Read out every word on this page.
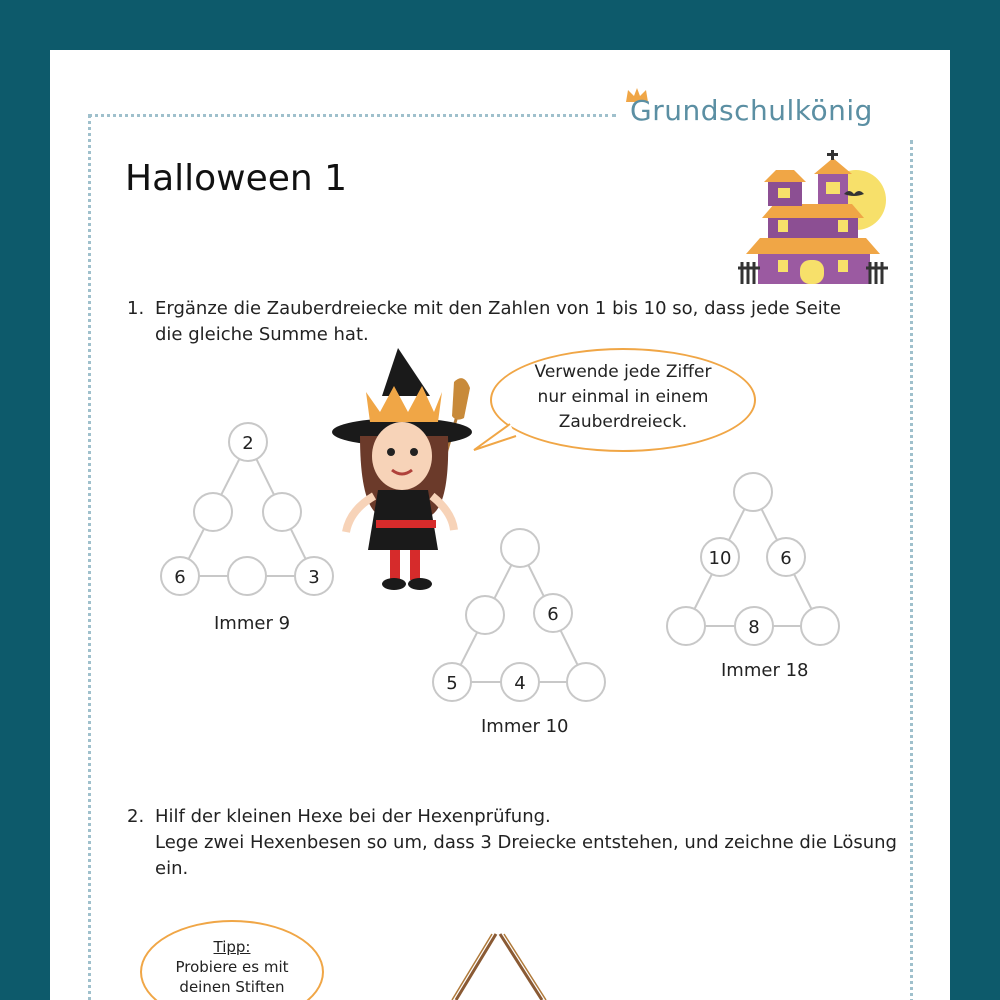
Grundschulkönig
Halloween 1
1. Ergänze die Zauberdreiecke mit den Zahlen von 1 bis 10 so, dass jede Seite die gleiche Summe hat.
Verwende jede Ziffer
nur einmal in einem
Zauberdreieck.
2
6	3
Immer 9	6
5	4
Immer 10
10	6
8
Immer 18
2. Hilf der kleinen Hexe bei der Hexenprüfung.
Lege zwei Hexenbesen so um, dass 3 Dreiecke entstehen, und zeichne die Lösung ein.
Tipp:
Probiere es mit
deinen Stiften
